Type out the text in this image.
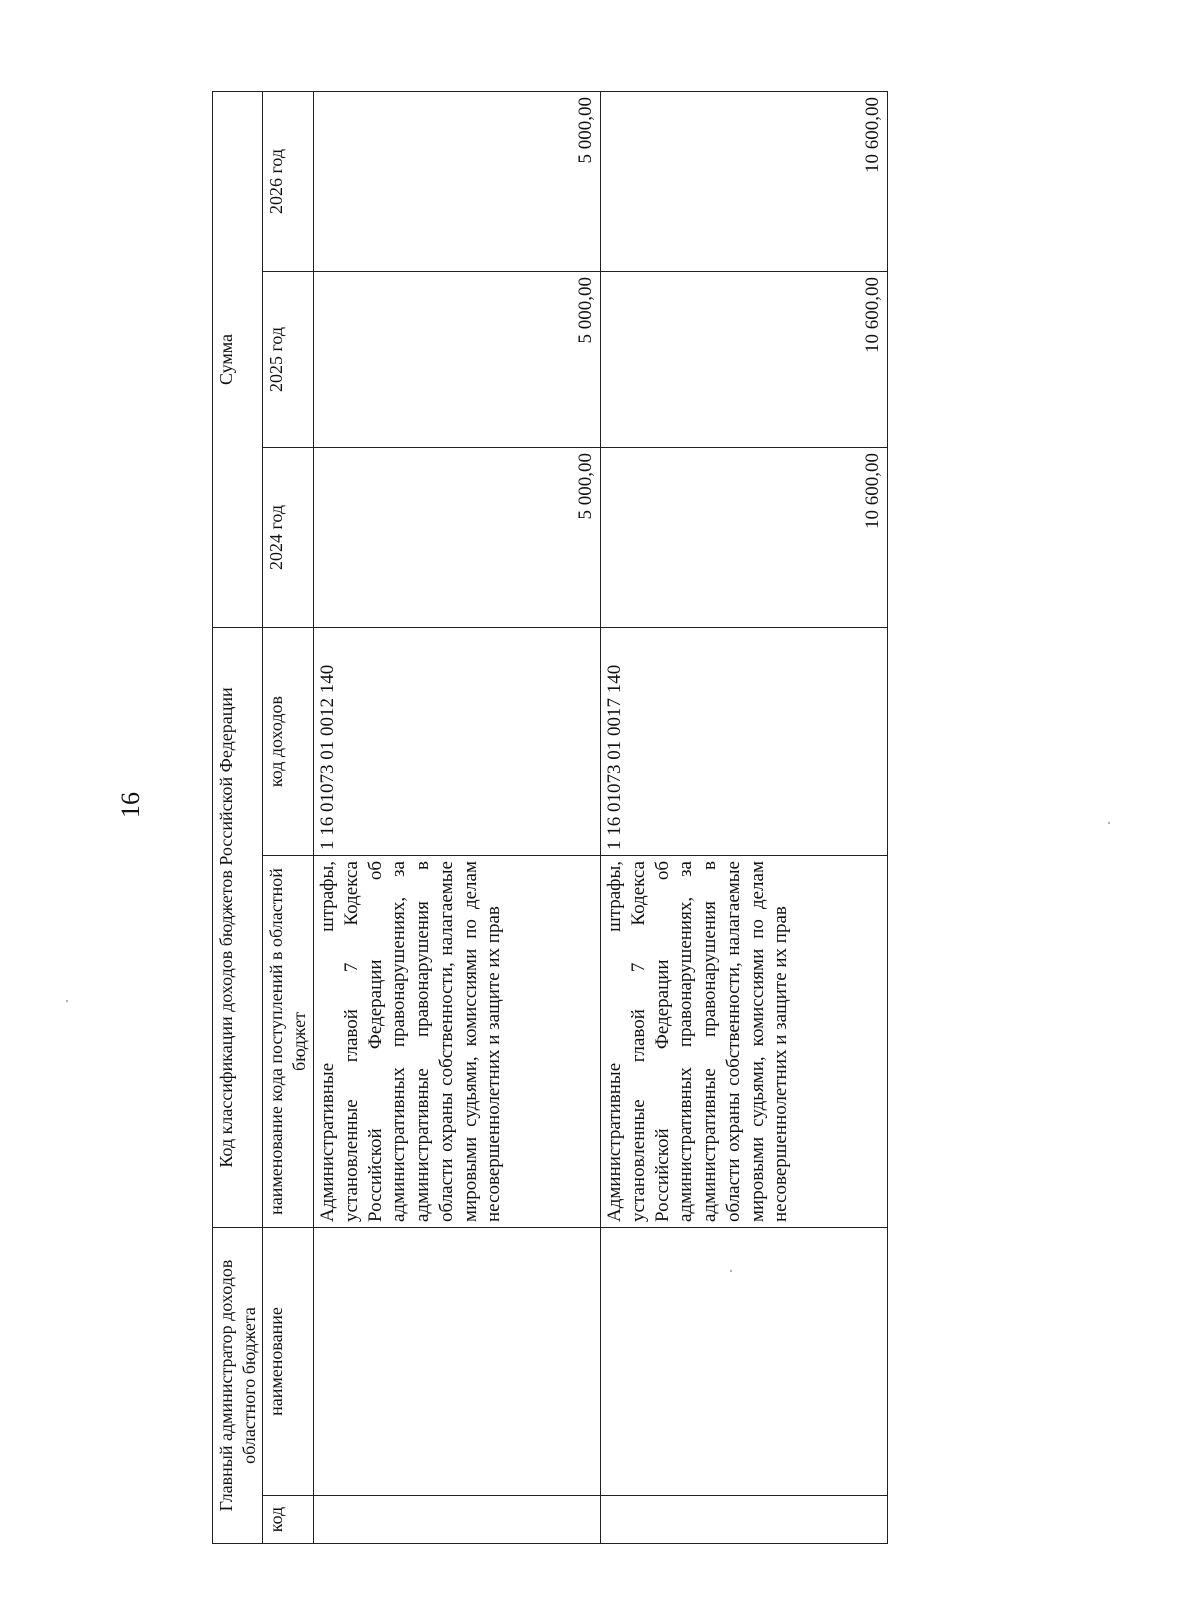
16
Главный администратор доходов областного бюджета		Код классификации доходов бюджетов Российской Федерации		Сумма		
код	наименование	наименование кода поступлений в областной бюджет	код доходов	2024 год	2025 год	2026 год
		Административные штрафы, установленные главой 7 Кодекса Российской Федерации об административных правонарушениях, за административные правонарушения в области охраны собственности, налагаемые мировыми судьями, комиссиями по делам несовершеннолетних и защите их прав	1 16 01073 01 0012 140	5 000,00	5 000,00	5 000,00
		Административные штрафы, установленные главой 7 Кодекса Российской Федерации об административных правонарушениях, за административные правонарушения в области охраны собственности, налагаемые мировыми судьями, комиссиями по делам несовершеннолетних и защите их прав	1 16 01073 01 0017 140	10 600,00	10 600,00	10 600,00
